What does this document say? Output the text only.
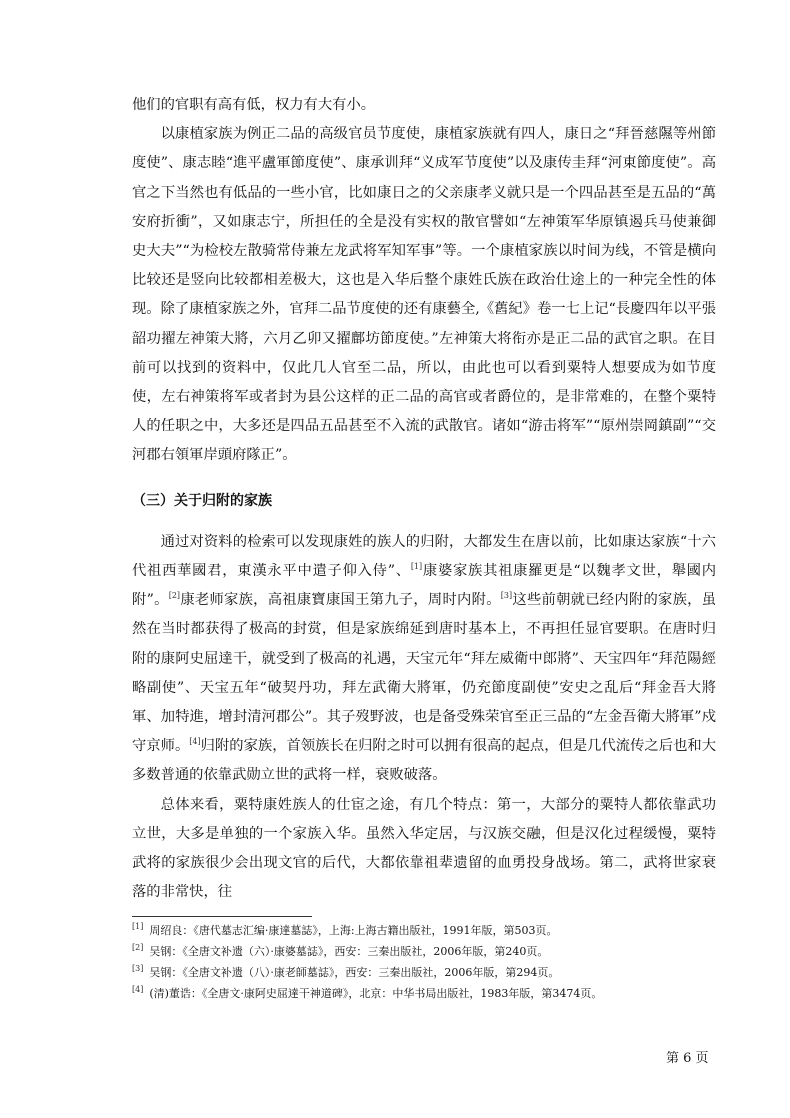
他们的官职有高有低，权力有大有小。

以康植家族为例正二品的高级官员节度使，康植家族就有四人，康日之“拜晉慈隰等州節度使”、康志睦“進平盧軍節度使”、康承训拜“义成军节度使”以及康传圭拜“河東節度使”。高官之下当然也有低品的一些小官，比如康日之的父亲康孝义就只是一个四品甚至是五品的“萬安府折衝”，又如康志宁，所担任的全是没有实权的散官譬如“左神策军华原镇遏兵马使兼御史大夫”“为检校左散骑常侍兼左龙武将军知军事”等。一个康植家族以时间为线，不管是横向比较还是竖向比较都相差极大，这也是入华后整个康姓氏族在政治仕途上的一种完全性的体现。除了康植家族之外，官拜二品节度使的还有康藝全,《舊紀》卷一七上记“長慶四年以平張韶功擢左神策大將，六月乙卯又擢鄜坊節度使。”左神策大将衔亦是正二品的武官之职。在目前可以找到的资料中，仅此几人官至二品，所以，由此也可以看到粟特人想要成为如节度使，左右神策将军或者封为县公这样的正二品的高官或者爵位的，是非常难的，在整个粟特人的任职之中，大多还是四品五品甚至不入流的武散官。诸如“游击将军”“原州崇岡鎮副”“交河郡右領軍岸頭府隊正”。

（三）关于归附的家族

通过对资料的检索可以发现康姓的族人的归附，大都发生在唐以前，比如康达家族“十六代祖西華國君，東漢永平中遣子仰入侍”、[1]康婆家族其祖康羅更是“以魏孝文世，舉國内附”。[2]康老师家族，高祖康寶康国王第九子，周时内附。[3]这些前朝就已经内附的家族，虽然在当时都获得了极高的封赏，但是家族绵延到唐时基本上，不再担任显官要职。在唐时归附的康阿史屈達干，就受到了极高的礼遇，天宝元年“拜左威衛中郎將”、天宝四年“拜范陽經略副使”、天宝五年“破契丹功，拜左武衛大將軍，仍充節度副使”安史之乱后“拜金吾大將軍、加特進，增封清河郡公”。其子歿野波，也是备受殊荣官至正三品的“左金吾衛大將軍”戍守京师。[4]归附的家族，首领族长在归附之时可以拥有很高的起点，但是几代流传之后也和大多数普通的依靠武勋立世的武将一样，衰败破落。

总体来看，粟特康姓族人的仕宦之途，有几个特点：第一，大部分的粟特人都依靠武功立世，大多是单独的一个家族入华。虽然入华定居，与汉族交融，但是汉化过程缓慢，粟特武将的家族很少会出现文官的后代，大都依靠祖辈遗留的血勇投身战场。第二，武将世家衰落的非常快，往

[1] 周绍良：《唐代墓志汇编·康達墓誌》，上海:上海古籍出版社，1991年版，第503页。
[2] 吴钢：《全唐文补遗（六）·康婆墓誌》，西安：三秦出版社，2006年版，第240页。
[3] 吴钢：《全唐文补遗（八）·康老師墓誌》，西安：三秦出版社，2006年版，第294页。
[4] (清)董诰：《全唐文·康阿史屈達干神道碑》，北京：中华书局出版社，1983年版，第3474页。
第 6 页
